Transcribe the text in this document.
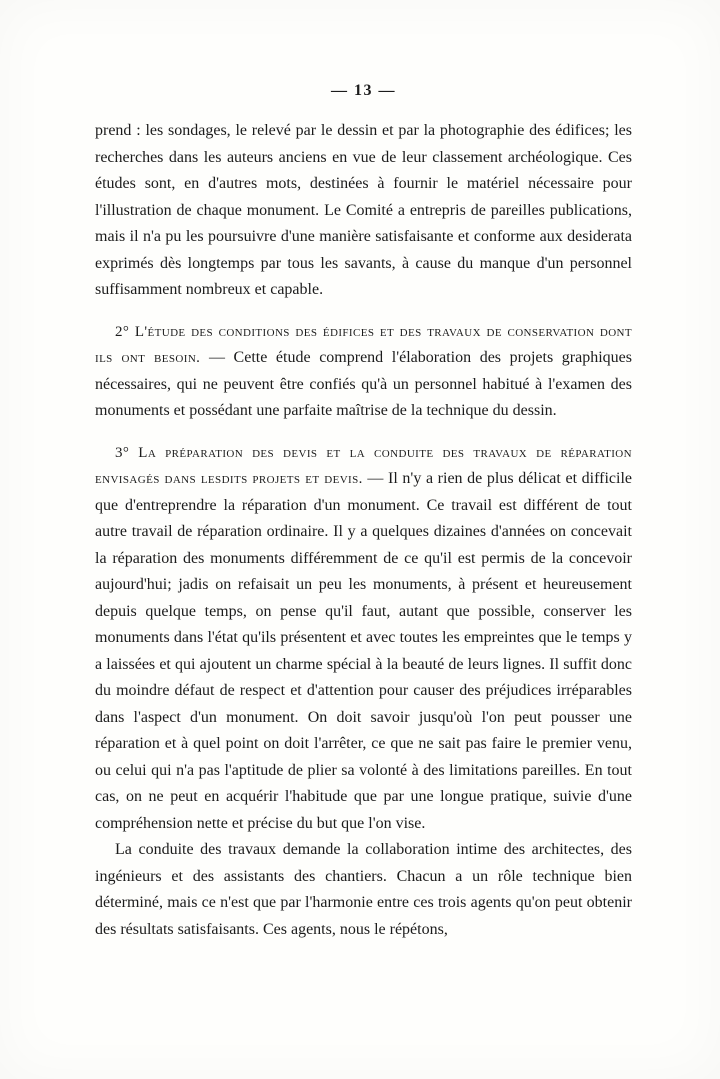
— 13 —

prend : les sondages, le relevé par le dessin et par la photographie des édifices; les recherches dans les auteurs anciens en vue de leur classement archéologique. Ces études sont, en d'autres mots, destinées à fournir le matériel nécessaire pour l'illustration de chaque monument. Le Comité a entrepris de pareilles publications, mais il n'a pu les poursuivre d'une manière satisfaisante et conforme aux desiderata exprimés dès longtemps par tous les savants, à cause du manque d'un personnel suffisamment nombreux et capable.

2° L'étude des conditions des édifices et des travaux de conservation dont ils ont besoin. — Cette étude comprend l'élaboration des projets graphiques nécessaires, qui ne peuvent être confiés qu'à un personnel habitué à l'examen des monuments et possédant une parfaite maîtrise de la technique du dessin.

3° La préparation des devis et la conduite des travaux de réparation envisagés dans lesdits projets et devis. — Il n'y a rien de plus délicat et difficile que d'entreprendre la réparation d'un monument. Ce travail est différent de tout autre travail de réparation ordinaire. Il y a quelques dizaines d'années on concevait la réparation des monuments différemment de ce qu'il est permis de la concevoir aujourd'hui; jadis on refaisait un peu les monuments, à présent et heureusement depuis quelque temps, on pense qu'il faut, autant que possible, conserver les monuments dans l'état qu'ils présentent et avec toutes les empreintes que le temps y a laissées et qui ajoutent un charme spécial à la beauté de leurs lignes. Il suffit donc du moindre défaut de respect et d'attention pour causer des préjudices irréparables dans l'aspect d'un monument. On doit savoir jusqu'où l'on peut pousser une réparation et à quel point on doit l'arrêter, ce que ne sait pas faire le premier venu, ou celui qui n'a pas l'aptitude de plier sa volonté à des limitations pareilles. En tout cas, on ne peut en acquérir l'habitude que par une longue pratique, suivie d'une compréhension nette et précise du but que l'on vise.

La conduite des travaux demande la collaboration intime des architectes, des ingénieurs et des assistants des chantiers. Chacun a un rôle technique bien déterminé, mais ce n'est que par l'harmonie entre ces trois agents qu'on peut obtenir des résultats satisfaisants. Ces agents, nous le répétons,
